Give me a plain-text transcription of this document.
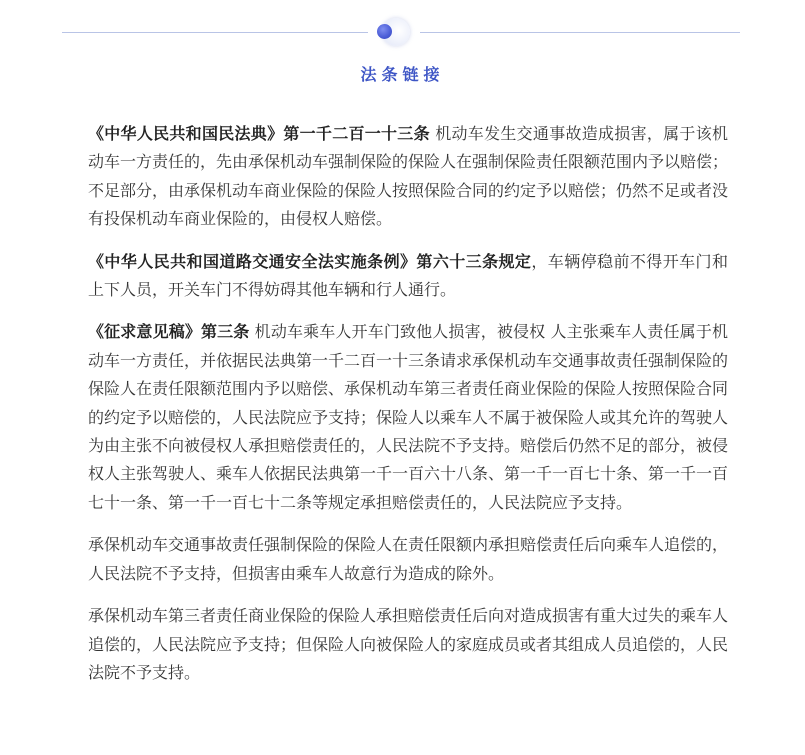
法条链接

《中华人民共和国民法典》第一千二百一十三条 机动车发生交通事故造成损害，属于该机动车一方责任的，先由承保机动车强制保险的保险人在强制保险责任限额范围内予以赔偿；不足部分，由承保机动车商业保险的保险人按照保险合同的约定予以赔偿；仍然不足或者没有投保机动车商业保险的，由侵权人赔偿。

《中华人民共和国道路交通安全法实施条例》第六十三条规定，车辆停稳前不得开车门和上下人员，开关车门不得妨碍其他车辆和行人通行。

《征求意见稿》第三条 机动车乘车人开车门致他人损害，被侵权 人主张乘车人责任属于机动车一方责任，并依据民法典第一千二百一十三条请求承保机动车交通事故责任强制保险的保险人在责任限额范围内予以赔偿、承保机动车第三者责任商业保险的保险人按照保险合同的约定予以赔偿的，人民法院应予支持；保险人以乘车人不属于被保险人或其允许的驾驶人为由主张不向被侵权人承担赔偿责任的，人民法院不予支持。赔偿后仍然不足的部分，被侵权人主张驾驶人、乘车人依据民法典第一千一百六十八条、第一千一百七十条、第一千一百七十一条、第一千一百七十二条等规定承担赔偿责任的，人民法院应予支持。

承保机动车交通事故责任强制保险的保险人在责任限额内承担赔偿责任后向乘车人追偿的，人民法院不予支持，但损害由乘车人故意行为造成的除外。

承保机动车第三者责任商业保险的保险人承担赔偿责任后向对造成损害有重大过失的乘车人追偿的，人民法院应予支持；但保险人向被保险人的家庭成员或者其组成人员追偿的，人民法院不予支持。
